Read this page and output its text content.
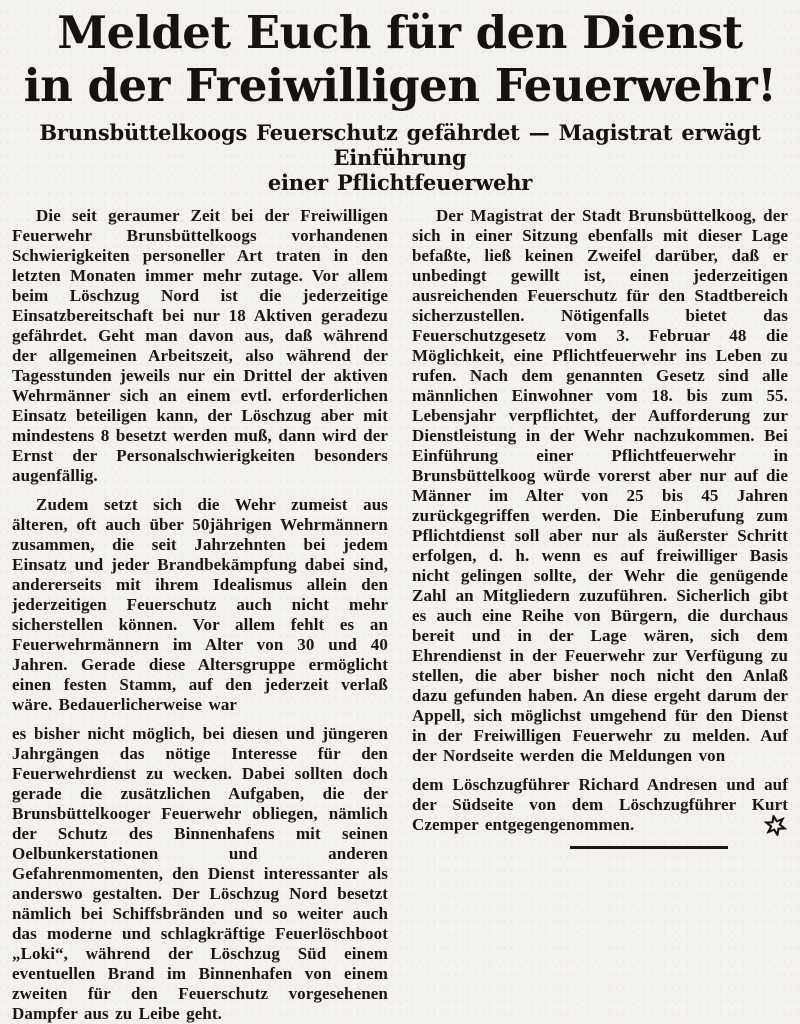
Meldet Euch für den Dienst
in der Freiwilligen Feuerwehr!
Brunsbüttelkoogs Feuerschutz gefährdet — Magistrat erwägt Einführung
einer Pflichtfeuerwehr

Die seit geraumer Zeit bei der Freiwilligen Feuerwehr Brunsbüttelkoogs vorhandenen Schwierigkeiten personeller Art traten in den letzten Monaten immer mehr zutage. Vor allem beim Löschzug Nord ist die jederzeitige Einsatzbereitschaft bei nur 18 Aktiven geradezu gefährdet. Geht man davon aus, daß während der allgemeinen Arbeitszeit, also während der Tagesstunden jeweils nur ein Drittel der aktiven Wehrmänner sich an einem evtl. erforderlichen Einsatz beteiligen kann, der Löschzug aber mit mindestens 8 besetzt werden muß, dann wird der Ernst der Personalschwierigkeiten besonders augenfällig.

Zudem setzt sich die Wehr zumeist aus älteren, oft auch über 50jährigen Wehrmännern zusammen, die seit Jahrzehnten bei jedem Einsatz und jeder Brandbekämpfung dabei sind, andererseits mit ihrem Idealismus allein den jederzeitigen Feuerschutz auch nicht mehr sicherstellen können. Vor allem fehlt es an Feuerwehrmännern im Alter von 30 und 40 Jahren. Gerade diese Altersgruppe ermöglicht einen festen Stamm, auf den jederzeit verlaß wäre. Bedauerlicherweise war

es bisher nicht möglich, bei diesen und jüngeren Jahrgängen das nötige Interesse für den Feuerwehrdienst zu wecken. Dabei sollten doch gerade die zusätzlichen Aufgaben, die der Brunsbüttelkooger Feuerwehr obliegen, nämlich der Schutz des Binnenhafens mit seinen Oelbunkerstationen und anderen Gefahrenmomenten, den Dienst interessanter als anderswo gestalten. Der Löschzug Nord besetzt nämlich bei Schiffsbränden und so weiter auch das moderne und schlagkräftige Feuerlöschboot „Loki“, während der Löschzug Süd einem eventuellen Brand im Binnenhafen von einem zweiten für den Feuerschutz vorgesehenen Dampfer aus zu Leibe geht.

Der Magistrat der Stadt Brunsbüttelkoog, der sich in einer Sitzung ebenfalls mit dieser Lage befaßte, ließ keinen Zweifel darüber, daß er unbedingt gewillt ist, einen jederzeitigen ausreichenden Feuerschutz für den Stadtbereich sicherzustellen. Nötigenfalls bietet das Feuerschutzgesetz vom 3. Februar 48 die Möglichkeit, eine Pflichtfeuerwehr ins Leben zu rufen. Nach dem genannten Gesetz sind alle männlichen Einwohner vom 18. bis zum 55. Lebensjahr verpflichtet, der Aufforderung zur Dienstleistung in der Wehr nachzukommen. Bei Einführung einer Pflichtfeuerwehr in Brunsbüttelkoog würde vorerst aber nur auf die Männer im Alter von 25 bis 45 Jahren zurückgegriffen werden. Die Einberufung zum Pflichtdienst soll aber nur als äußerster Schritt erfolgen, d. h. wenn es auf freiwilliger Basis nicht gelingen sollte, der Wehr die genügende Zahl an Mitgliedern zuzuführen. Sicherlich gibt es auch eine Reihe von Bürgern, die durchaus bereit und in der Lage wären, sich dem Ehrendienst in der Feuerwehr zur Verfügung zu stellen, die aber bisher noch nicht den Anlaß dazu gefunden haben. An diese ergeht darum der Appell, sich möglichst umgehend für den Dienst in der Freiwilligen Feuerwehr zu melden. Auf der Nordseite werden die Meldungen von

dem Löschzugführer Richard Andresen und auf der Südseite von dem Löschzugführer Kurt Czemper entgegengenommen.
